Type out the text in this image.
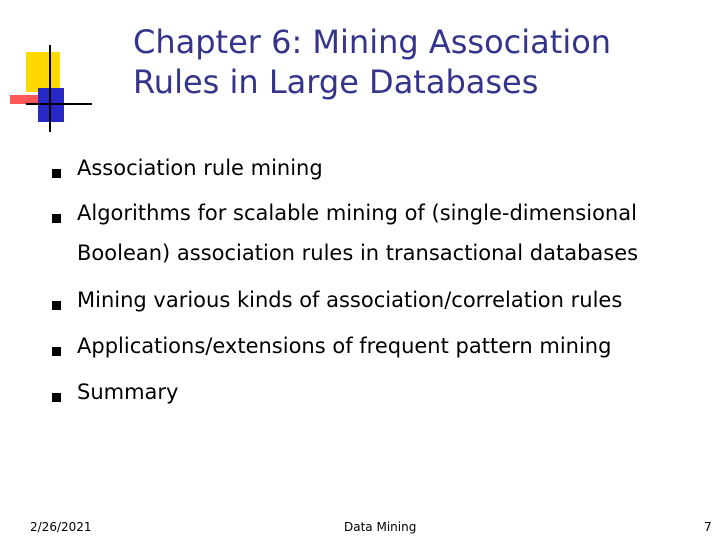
Chapter 6: Mining Association
Rules in Large Databases
Association rule mining
Algorithms for scalable mining of (single-dimensional
Boolean) association rules in transactional databases
Mining various kinds of association/correlation rules
Applications/extensions of frequent pattern mining
Summary
2/26/2021	Data Mining	7
